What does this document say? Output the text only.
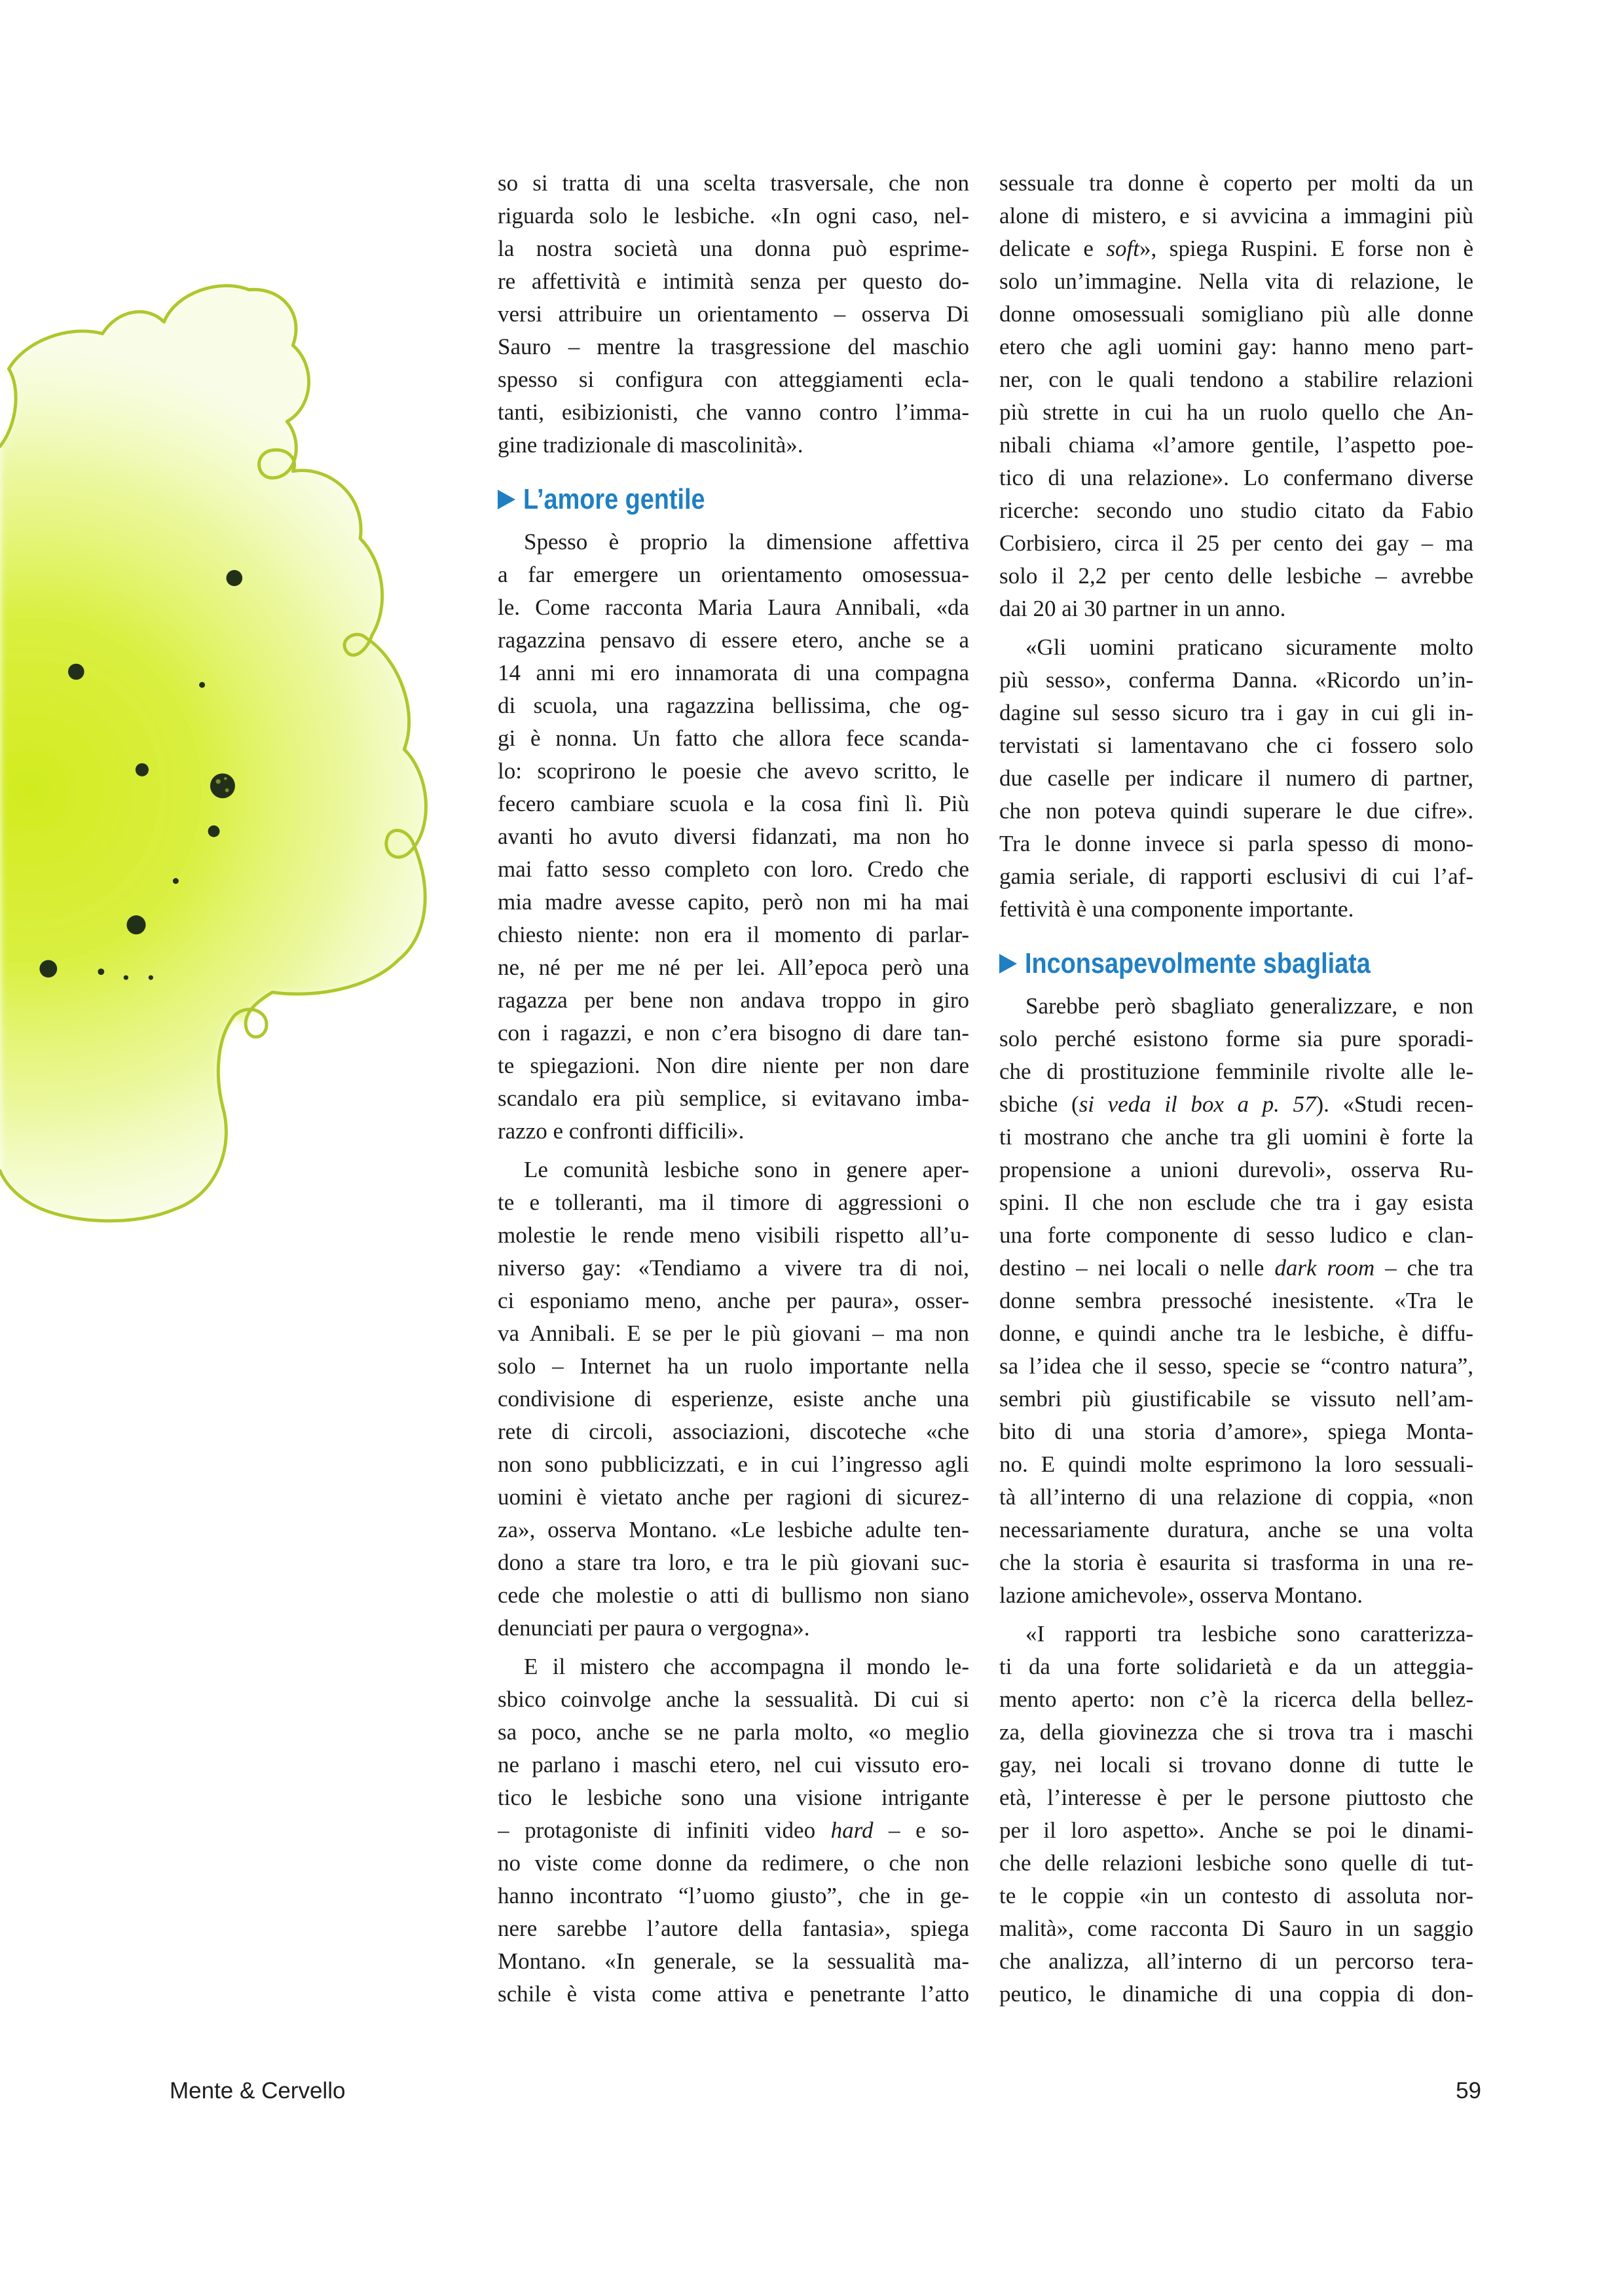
so si tratta di una scelta trasversale, che non
riguarda solo le lesbiche. «In ogni caso, nel-
la nostra società una donna può esprime-
re affettività e intimità senza per questo do-
versi attribuire un orientamento – osserva Di
Sauro – mentre la trasgressione del maschio
spesso si configura con atteggiamenti ecla-
tanti, esibizionisti, che vanno contro l’imma-
gine tradizionale di mascolinità».
L’amore gentile
Spesso è proprio la dimensione affettiva
a far emergere un orientamento omosessua-
le. Come racconta Maria Laura Annibali, «da
ragazzina pensavo di essere etero, anche se a
14 anni mi ero innamorata di una compagna
di scuola, una ragazzina bellissima, che og-
gi è nonna. Un fatto che allora fece scanda-
lo: scoprirono le poesie che avevo scritto, le
fecero cambiare scuola e la cosa finì lì. Più
avanti ho avuto diversi fidanzati, ma non ho
mai fatto sesso completo con loro. Credo che
mia madre avesse capito, però non mi ha mai
chiesto niente: non era il momento di parlar-
ne, né per me né per lei. All’epoca però una
ragazza per bene non andava troppo in giro
con i ragazzi, e non c’era bisogno di dare tan-
te spiegazioni. Non dire niente per non dare
scandalo era più semplice, si evitavano imba-
razzo e confronti difficili».
Le comunità lesbiche sono in genere aper-
te e tolleranti, ma il timore di aggressioni o
molestie le rende meno visibili rispetto all’u-
niverso gay: «Tendiamo a vivere tra di noi,
ci esponiamo meno, anche per paura», osser-
va Annibali. E se per le più giovani – ma non
solo – Internet ha un ruolo importante nella
condivisione di esperienze, esiste anche una
rete di circoli, associazioni, discoteche «che
non sono pubblicizzati, e in cui l’ingresso agli
uomini è vietato anche per ragioni di sicurez-
za», osserva Montano. «Le lesbiche adulte ten-
dono a stare tra loro, e tra le più giovani suc-
cede che molestie o atti di bullismo non siano
denunciati per paura o vergogna».
E il mistero che accompagna il mondo le-
sbico coinvolge anche la sessualità. Di cui si
sa poco, anche se ne parla molto, «o meglio
ne parlano i maschi etero, nel cui vissuto ero-
tico le lesbiche sono una visione intrigante
– protagoniste di infiniti video hard – e so-
no viste come donne da redimere, o che non
hanno incontrato “l’uomo giusto”, che in ge-
nere sarebbe l’autore della fantasia», spiega
Montano. «In generale, se la sessualità ma-
schile è vista come attiva e penetrante l’atto
sessuale tra donne è coperto per molti da un
alone di mistero, e si avvicina a immagini più
delicate e soft», spiega Ruspini. E forse non è
solo un’immagine. Nella vita di relazione, le
donne omosessuali somigliano più alle donne
etero che agli uomini gay: hanno meno part-
ner, con le quali tendono a stabilire relazioni
più strette in cui ha un ruolo quello che An-
nibali chiama «l’amore gentile, l’aspetto poe-
tico di una relazione». Lo confermano diverse
ricerche: secondo uno studio citato da Fabio
Corbisiero, circa il 25 per cento dei gay – ma
solo il 2,2 per cento delle lesbiche – avrebbe
dai 20 ai 30 partner in un anno.
«Gli uomini praticano sicuramente molto
più sesso», conferma Danna. «Ricordo un’in-
dagine sul sesso sicuro tra i gay in cui gli in-
tervistati si lamentavano che ci fossero solo
due caselle per indicare il numero di partner,
che non poteva quindi superare le due cifre».
Tra le donne invece si parla spesso di mono-
gamia seriale, di rapporti esclusivi di cui l’af-
fettività è una componente importante.
Inconsapevolmente sbagliata
Sarebbe però sbagliato generalizzare, e non
solo perché esistono forme sia pure sporadi-
che di prostituzione femminile rivolte alle le-
sbiche (si veda il box a p. 57). «Studi recen-
ti mostrano che anche tra gli uomini è forte la
propensione a unioni durevoli», osserva Ru-
spini. Il che non esclude che tra i gay esista
una forte componente di sesso ludico e clan-
destino – nei locali o nelle dark room – che tra
donne sembra pressoché inesistente. «Tra le
donne, e quindi anche tra le lesbiche, è diffu-
sa l’idea che il sesso, specie se “contro natura”,
sembri più giustificabile se vissuto nell’am-
bito di una storia d’amore», spiega Monta-
no. E quindi molte esprimono la loro sessuali-
tà all’interno di una relazione di coppia, «non
necessariamente duratura, anche se una volta
che la storia è esaurita si trasforma in una re-
lazione amichevole», osserva Montano.
«I rapporti tra lesbiche sono caratterizza-
ti da una forte solidarietà e da un atteggia-
mento aperto: non c’è la ricerca della bellez-
za, della giovinezza che si trova tra i maschi
gay, nei locali si trovano donne di tutte le
età, l’interesse è per le persone piuttosto che
per il loro aspetto». Anche se poi le dinami-
che delle relazioni lesbiche sono quelle di tut-
te le coppie «in un contesto di assoluta nor-
malità», come racconta Di Sauro in un saggio
che analizza, all’interno di un percorso tera-
peutico, le dinamiche di una coppia di don-
Mente & Cervello	59
